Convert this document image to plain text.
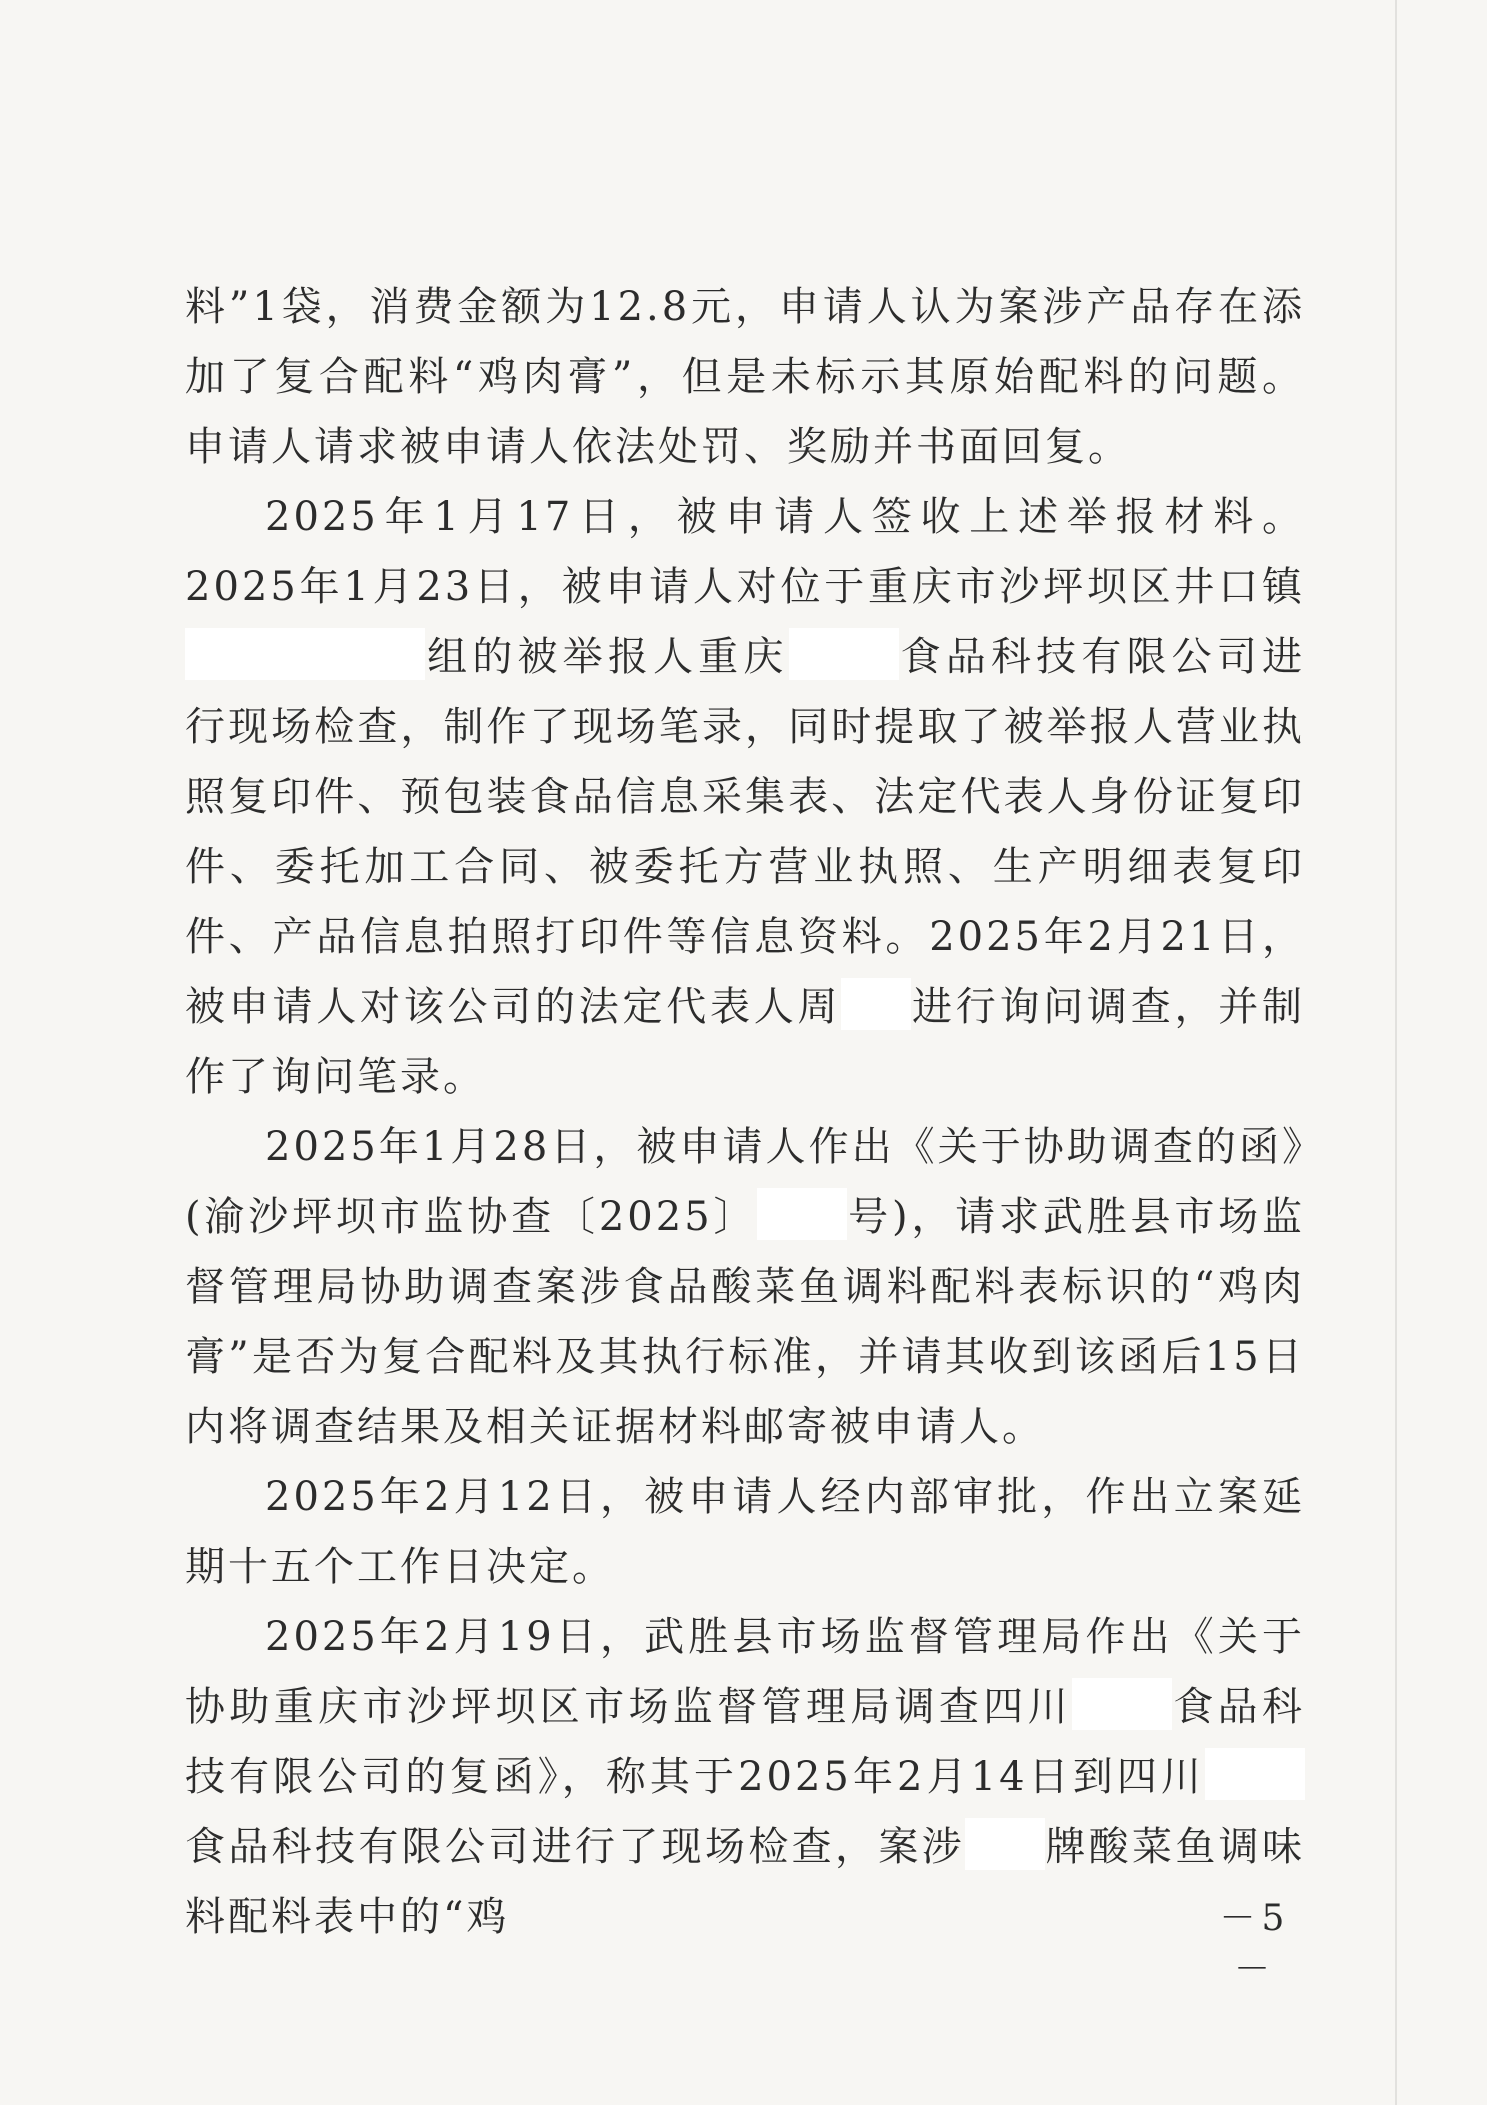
料”1袋，消费金额为12.8元，申请人认为案涉产品存在添加了复合配料“鸡肉膏”，但是未标示其原始配料的问题。申请人请求被申请人依法处罚、奖励并书面回复。

2025年1月17日，被申请人签收上述举报材料。2025年1月23日，被申请人对位于重庆市沙坪坝区井口镇组的被举报人重庆	食品科技有限公司进行现场检查，制作了现场笔录，同时提取了被举报人营业执照复印件、预包装食品信息采集表、法定代表人身份证复印件、委托加工合同、被委托方营业执照、生产明细表复印件、产品信息拍照打印件等信息资料。2025年2月21日，被申请人对该公司的法定代表人周 进行询问调查，并制作了询问笔录。

2025年1月28日，被申请人作出《关于协助调查的函》(渝沙坪坝市监协查〔2025〕 号)，请求武胜县市场监督管理局协助调查案涉食品酸菜鱼调料配料表标识的“鸡肉膏”是否为复合配料及其执行标准，并请其收到该函后15日内将调查结果及相关证据材料邮寄被申请人。

2025年2月12日，被申请人经内部审批，作出立案延期十五个工作日决定。

2025年2月19日，武胜县市场监督管理局作出《关于协助重庆市沙坪坝区市场监督管理局调查四川	食品科技有限公司的复函》，称其于2025年2月14日到四川食品科技有限公司进行了现场检查，案涉 牌酸菜鱼调味料配料表中的“鸡	－5－
